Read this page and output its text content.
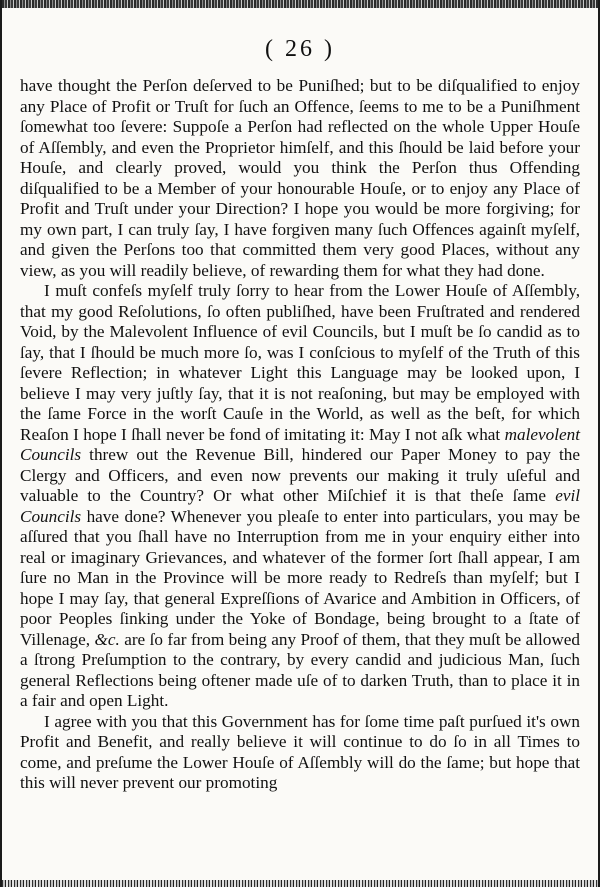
( 26 )

have thought the Perſon deſerved to be Puniſhed; but to be diſqualified to enjoy any Place of Profit or Truſt for ſuch an Offence, ſeems to me to be a Puniſhment ſomewhat too ſevere: Suppoſe a Perſon had reflected on the whole Upper Houſe of Aſſembly, and even the Proprietor himſelf, and this ſhould be laid before your Houſe, and clearly proved, would you think the Perſon thus Offending diſqualified to be a Member of your honourable Houſe, or to enjoy any Place of Profit and Truſt under your Direction? I hope you would be more forgiving; for my own part, I can truly ſay, I have forgiven many ſuch Offences againſt myſelf, and given the Perſons too that committed them very good Places, without any view, as you will readily believe, of rewarding them for what they had done.

I muſt confeſs myſelf truly ſorry to hear from the Lower Houſe of Aſſembly, that my good Reſolutions, ſo often publiſhed, have been Fruſtrated and rendered Void, by the Malevolent Influence of evil Councils, but I muſt be ſo candid as to ſay, that I ſhould be much more ſo, was I conſcious to myſelf of the Truth of this ſevere Reflection; in whatever Light this Language may be looked upon, I believe I may very juſtly ſay, that it is not reaſoning, but may be employed with the ſame Force in the worſt Cauſe in the World, as well as the beſt, for which Reaſon I hope I ſhall never be fond of imitating it: May I not aſk what malevolent Councils threw out the Revenue Bill, hindered our Paper Money to pay the Clergy and Officers, and even now prevents our making it truly uſeful and valuable to the Country? Or what other Miſchief it is that theſe ſame evil Councils have done? Whenever you pleaſe to enter into particulars, you may be aſſured that you ſhall have no Interruption from me in your enquiry either into real or imaginary Grievances, and whatever of the former ſort ſhall appear, I am ſure no Man in the Province will be more ready to Redreſs than myſelf; but I hope I may ſay, that general Expreſſions of Avarice and Ambition in Officers, of poor Peoples ſinking under the Yoke of Bondage, being brought to a ſtate of Villenage, &c. are ſo far from being any Proof of them, that they muſt be allowed a ſtrong Preſumption to the contrary, by every candid and judicious Man, ſuch general Reflections being oftener made uſe of to darken Truth, than to place it in a fair and open Light.

I agree with you that this Government has for ſome time paſt purſued it's own Profit and Benefit, and really believe it will continue to do ſo in all Times to come, and preſume the Lower Houſe of Aſſembly will do the ſame; but hope that this will never prevent our promoting
